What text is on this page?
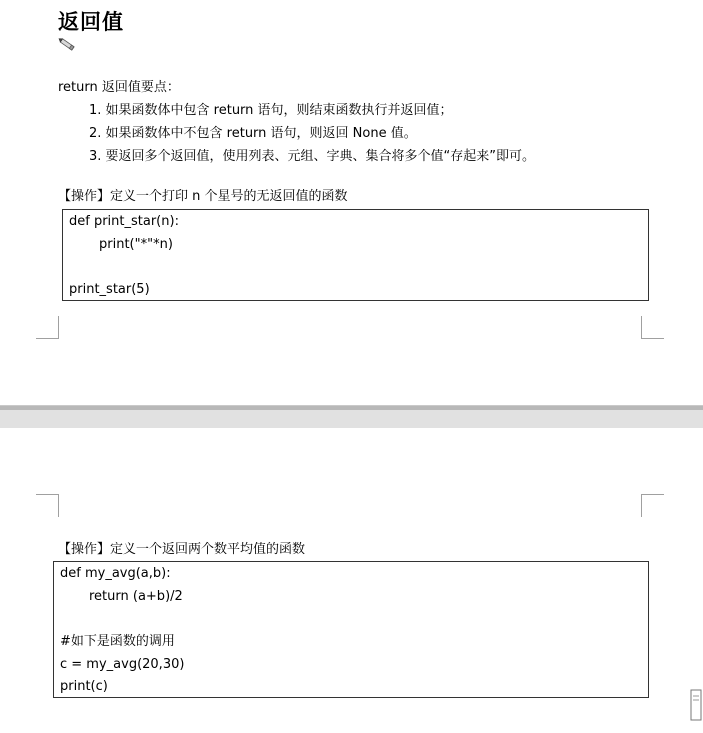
返回值
return 返回值要点：
1. 如果函数体中包含 return 语句，则结束函数执行并返回值；
2. 如果函数体中不包含 return 语句，则返回 None 值。
3. 要返回多个返回值，使用列表、元组、字典、集合将多个值“存起来”即可。
【操作】定义一个打印 n 个星号的无返回值的函数
def print_star(n):
print("*"*n)
print_star(5)
【操作】定义一个返回两个数平均值的函数
def my_avg(a,b):
return (a+b)/2
#如下是函数的调用
c = my_avg(20,30)
print(c)
